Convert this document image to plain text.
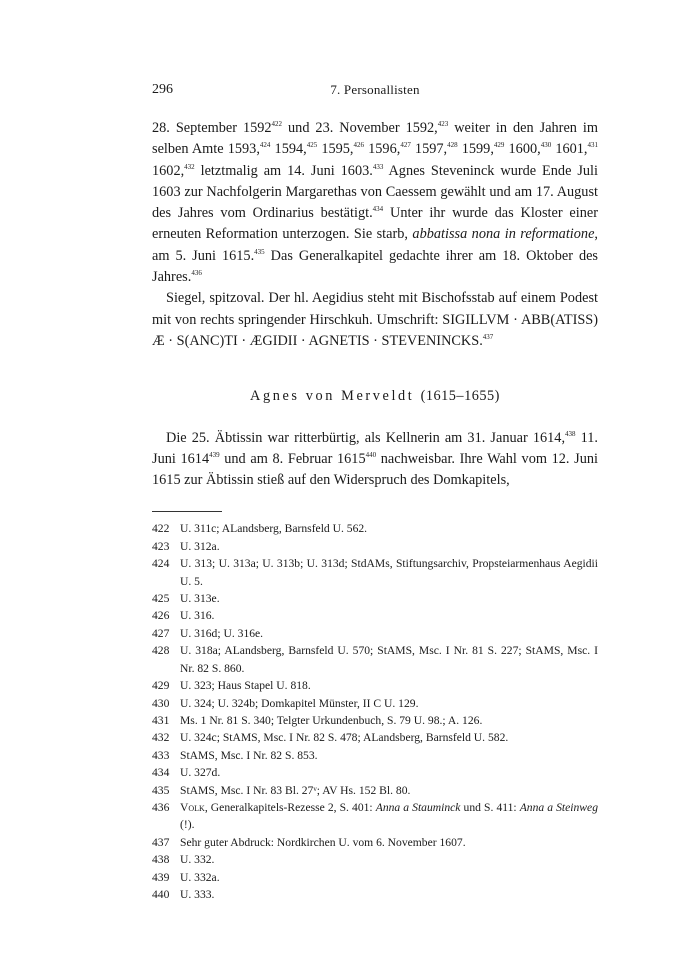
296	7. Personallisten

28. September 1592$^{422}$ und 23. November 1592,$^{423}$ weiter in den Jahren im selben Amte 1593,$^{424}$ 1594,$^{425}$ 1595,$^{426}$ 1596,$^{427}$ 1597,$^{428}$ 1599,$^{429}$ 1600,$^{430}$ 1601,$^{431}$ 1602,$^{432}$ letztmalig am 14. Juni 1603.$^{433}$ Agnes Steveninck wurde Ende Juli 1603 zur Nachfolgerin Margarethas von Caessem gewählt und am 17. August des Jahres vom Ordinarius bestätigt.$^{434}$ Unter ihr wurde das Kloster einer erneuten Reformation unterzogen. Sie starb, abbatissa nona in reformatione, am 5. Juni 1615.$^{435}$ Das Generalkapitel gedachte ihrer am 18. Oktober des Jahres.$^{436}$

Siegel, spitzoval. Der hl. Aegidius steht mit Bischofsstab auf einem Podest mit von rechts springender Hirschkuh. Umschrift: SIGILLVM · ABB(ATISS) Æ · S(ANC)TI · ÆGIDII · AGNETIS · STEVENINCKS.$^{437}$

Agnes von Merveldt (1615–1655)

Die 25. Äbtissin war ritterbürtig, als Kellnerin am 31. Januar 1614,$^{438}$ 11. Juni 1614$^{439}$ und am 8. Februar 1615$^{440}$ nachweisbar. Ihre Wahl vom 12. Juni 1615 zur Äbtissin stieß auf den Widerspruch des Domkapitels,

422 U. 311c; ALandsberg, Barnsfeld U. 562.
423 U. 312a.
424 U. 313; U. 313a; U. 313b; U. 313d; StdAMs, Stiftungsarchiv, Propsteiarmenhaus Aegidii U. 5.
425 U. 313e.
426 U. 316.
427 U. 316d; U. 316e.
428 U. 318a; ALandsberg, Barnsfeld U. 570; StAMS, Msc. I Nr. 81 S. 227; StAMS, Msc. I Nr. 82 S. 860.
429 U. 323; Haus Stapel U. 818.
430 U. 324; U. 324b; Domkapitel Münster, II C U. 129.
431 Ms. 1 Nr. 81 S. 340; Telgter Urkundenbuch, S. 79 U. 98.; A. 126.
432 U. 324c; StAMS, Msc. I Nr. 82 S. 478; ALandsberg, Barnsfeld U. 582.
433 StAMS, Msc. I Nr. 82 S. 853.
434 U. 327d.
435 StAMS, Msc. I Nr. 83 Bl. 27ᵛ; AV Hs. 152 Bl. 80.
436 Volk, Generalkapitels-Rezesse 2, S. 401: Anna a Stauminck und S. 411: Anna a Steinweg (!).
437 Sehr guter Abdruck: Nordkirchen U. vom 6. November 1607.
438 U. 332.
439 U. 332a.
440 U. 333.
